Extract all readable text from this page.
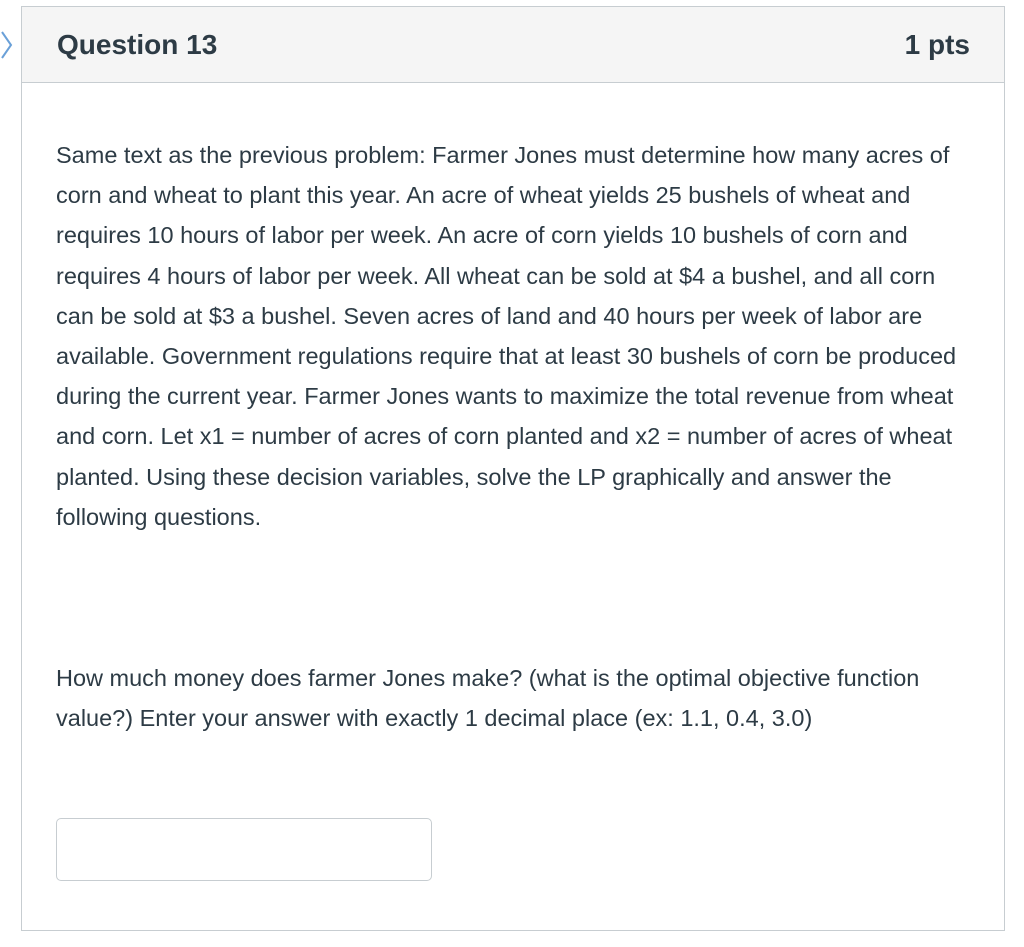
Question 13	1 pts

Same text as the previous problem: Farmer Jones must determine how many acres of corn and wheat to plant this year. An acre of wheat yields 25 bushels of wheat and requires 10 hours of labor per week. An acre of corn yields 10 bushels of corn and requires 4 hours of labor per week. All wheat can be sold at $4 a bushel, and all corn can be sold at $3 a bushel. Seven acres of land and 40 hours per week of labor are available. Government regulations require that at least 30 bushels of corn be produced during the current year. Farmer Jones wants to maximize the total revenue from wheat and corn. Let x1 = number of acres of corn planted and x2 = number of acres of wheat planted. Using these decision variables, solve the LP graphically and answer the following questions.

How much money does farmer Jones make? (what is the optimal objective function value?) Enter your answer with exactly 1 decimal place (ex: 1.1, 0.4, 3.0)
